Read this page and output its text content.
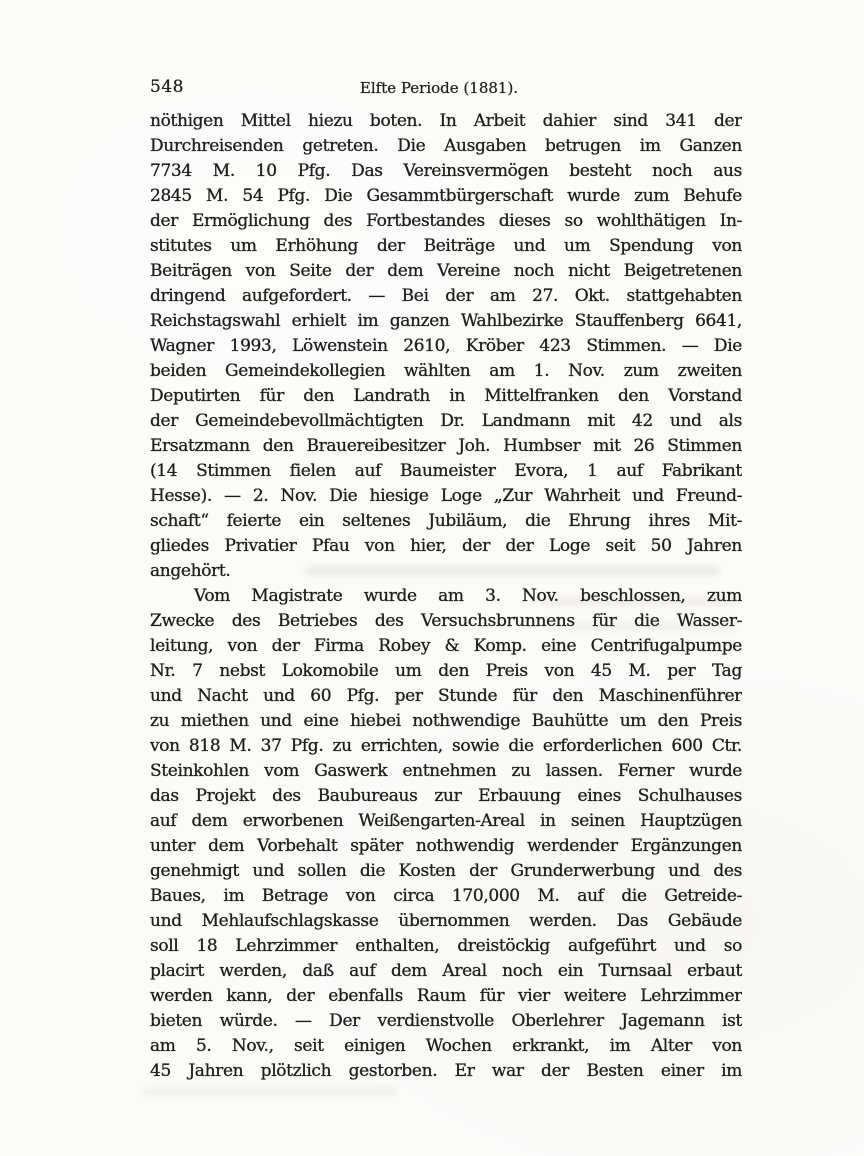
548	Elfte Periode (1881).
nöthigen Mittel hiezu boten. In Arbeit dahier sind 341 der
Durchreisenden getreten. Die Ausgaben betrugen im Ganzen
7734 M. 10 Pfg. Das Vereinsvermögen besteht noch aus
2845 M. 54 Pfg. Die Gesammtbürgerschaft wurde zum Behufe
der Ermöglichung des Fortbestandes dieses so wohlthätigen In-
stitutes um Erhöhung der Beiträge und um Spendung von
Beiträgen von Seite der dem Vereine noch nicht Beigetretenen
dringend aufgefordert. — Bei der am 27. Okt. stattgehabten
Reichstagswahl erhielt im ganzen Wahlbezirke Stauffenberg 6641,
Wagner 1993, Löwenstein 2610, Kröber 423 Stimmen. — Die
beiden Gemeindekollegien wählten am 1. Nov. zum zweiten
Deputirten für den Landrath in Mittelfranken den Vorstand
der Gemeindebevollmächtigten Dr. Landmann mit 42 und als
Ersatzmann den Brauereibesitzer Joh. Humbser mit 26 Stimmen
(14 Stimmen fielen auf Baumeister Evora, 1 auf Fabrikant
Hesse). — 2. Nov. Die hiesige Loge „Zur Wahrheit und Freund-
schaft“ feierte ein seltenes Jubiläum, die Ehrung ihres Mit-
gliedes Privatier Pfau von hier, der der Loge seit 50 Jahren
angehört.
Vom Magistrate wurde am 3. Nov. beschlossen, zum
Zwecke des Betriebes des Versuchsbrunnens für die Wasser-
leitung, von der Firma Robey & Komp. eine Centrifugalpumpe
Nr. 7 nebst Lokomobile um den Preis von 45 M. per Tag
und Nacht und 60 Pfg. per Stunde für den Maschinenführer
zu miethen und eine hiebei nothwendige Bauhütte um den Preis
von 818 M. 37 Pfg. zu errichten, sowie die erforderlichen 600 Ctr.
Steinkohlen vom Gaswerk entnehmen zu lassen. Ferner wurde
das Projekt des Baubureaus zur Erbauung eines Schulhauses
auf dem erworbenen Weißengarten-Areal in seinen Hauptzügen
unter dem Vorbehalt später nothwendig werdender Ergänzungen
genehmigt und sollen die Kosten der Grunderwerbung und des
Baues, im Betrage von circa 170,000 M. auf die Getreide-
und Mehlaufschlagskasse übernommen werden. Das Gebäude
soll 18 Lehrzimmer enthalten, dreistöckig aufgeführt und so
placirt werden, daß auf dem Areal noch ein Turnsaal erbaut
werden kann, der ebenfalls Raum für vier weitere Lehrzimmer
bieten würde. — Der verdienstvolle Oberlehrer Jagemann ist
am 5. Nov., seit einigen Wochen erkrankt, im Alter von
45 Jahren plötzlich gestorben. Er war der Besten einer im
